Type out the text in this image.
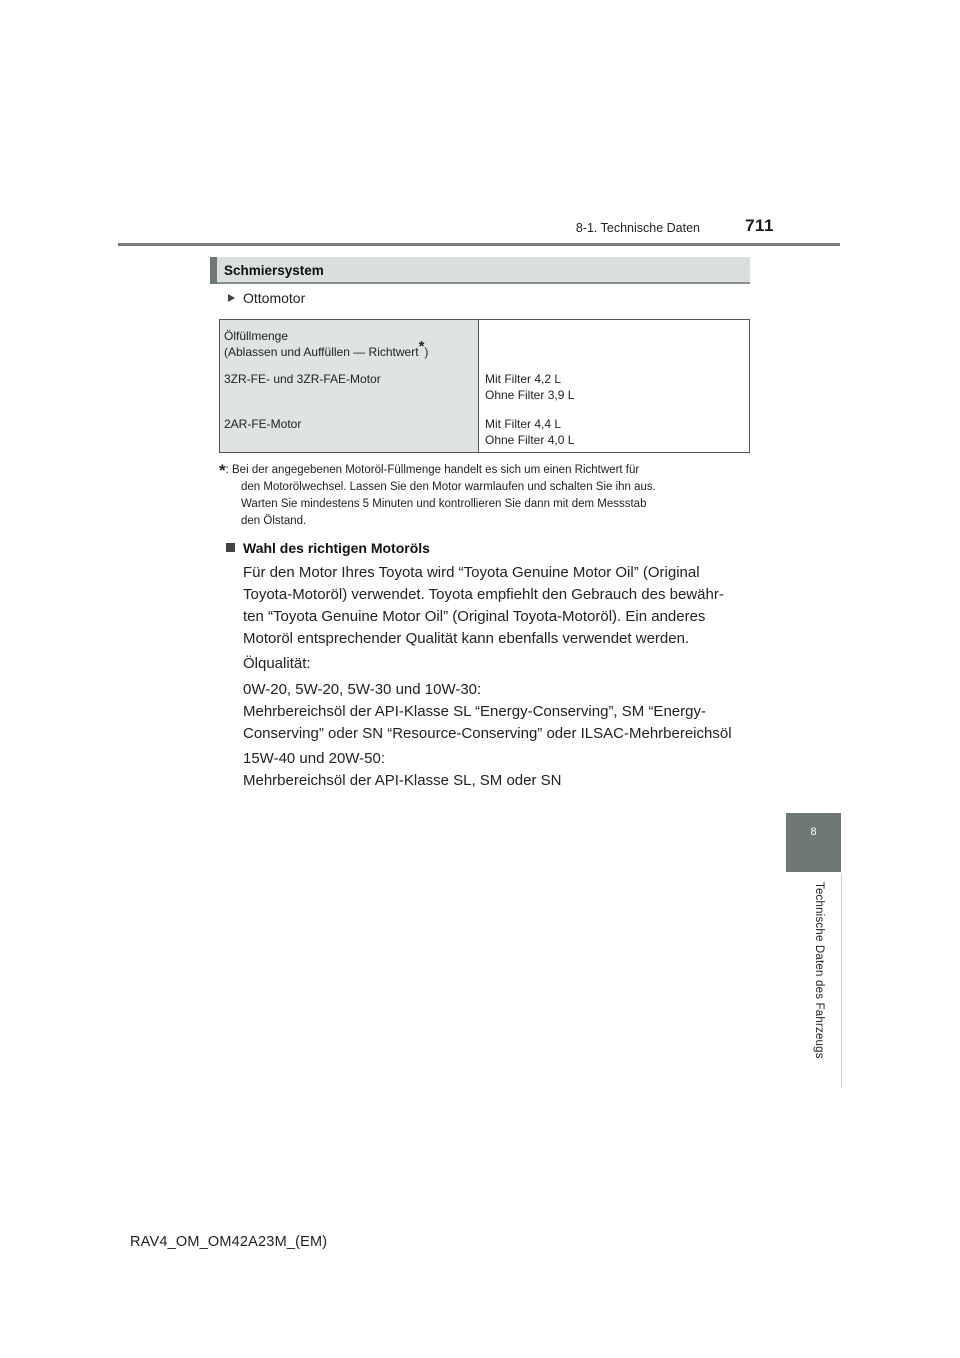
8-1. Technische Daten	711
8
Technische Daten des Fahrzeugs
Schmiersystem
Ottomotor
Ölfüllmenge
(Ablassen und Auffüllen — Richtwert*)
3ZR-FE- und 3ZR-FAE-Motor	Mit Filter 4,2 L
Ohne Filter 3,9 L
2AR-FE-Motor	Mit Filter 4,4 L
Ohne Filter 4,0 L
*: Bei der angegebenen Motoröl-Füllmenge handelt es sich um einen Richtwert für
den Motorölwechsel. Lassen Sie den Motor warmlaufen und schalten Sie ihn aus.
Warten Sie mindestens 5 Minuten und kontrollieren Sie dann mit dem Messstab
den Ölstand.
Wahl des richtigen Motoröls
Für den Motor Ihres Toyota wird “Toyota Genuine Motor Oil” (Original
Toyota-Motoröl) verwendet. Toyota empfiehlt den Gebrauch des bewähr-
ten “Toyota Genuine Motor Oil” (Original Toyota-Motoröl). Ein anderes
Motoröl entsprechender Qualität kann ebenfalls verwendet werden.
Ölqualität:
0W-20, 5W-20, 5W-30 und 10W-30:
Mehrbereichsöl der API-Klasse SL “Energy-Conserving”, SM “Energy-
Conserving” oder SN “Resource-Conserving” oder ILSAC-Mehrbereichsöl
15W-40 und 20W-50:
Mehrbereichsöl der API-Klasse SL, SM oder SN
RAV4_OM_OM42A23M_(EM)
